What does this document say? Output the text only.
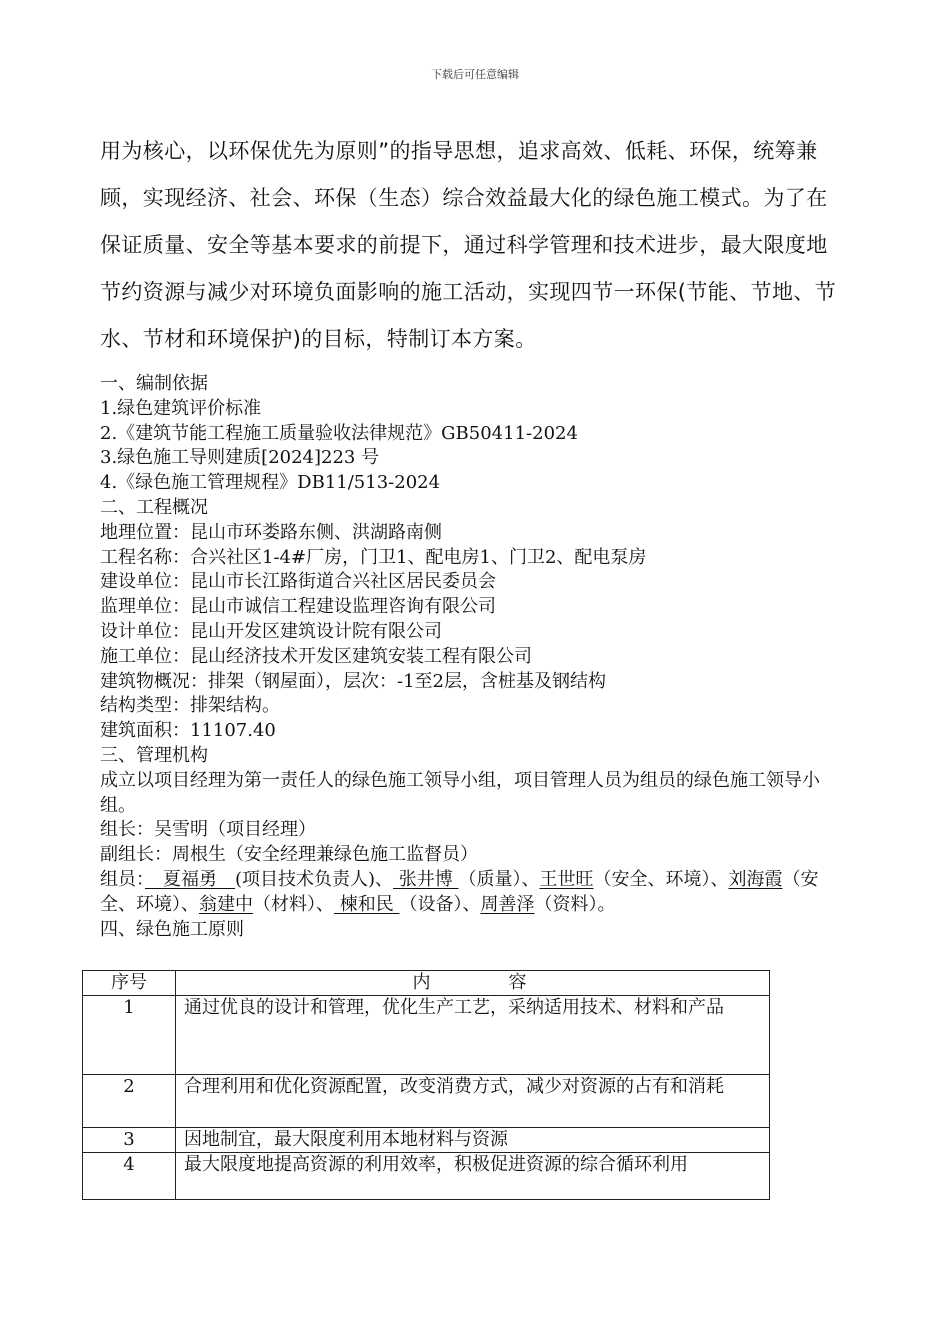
下载后可任意编辑

用为核心，以环保优先为原则”的指导思想，追求高效、低耗、环保，统筹兼顾，实现经济、社会、环保（生态）综合效益最大化的绿色施工模式。为了在保证质量、安全等基本要求的前提下，通过科学管理和技术进步，最大限度地节约资源与减少对环境负面影响的施工活动，实现四节一环保(节能、节地、节水、节材和环境保护)的目标，特制订本方案。

一、编制依据
1.绿色建筑评价标准
2.《建筑节能工程施工质量验收法律规范》GB50411-2024
3.绿色施工导则建质[2024]223 号
4.《绿色施工管理规程》DB11/513-2024
二、工程概况
地理位置：昆山市环娄路东侧、洪湖路南侧
工程名称：合兴社区1-4#厂房，门卫1、配电房1、门卫2、配电泵房
建设单位：昆山市长江路街道合兴社区居民委员会
监理单位：昆山市诚信工程建设监理咨询有限公司
设计单位：昆山开发区建筑设计院有限公司
施工单位：昆山经济技术开发区建筑安装工程有限公司
建筑物概况：排架（钢屋面），层次：-1至2层，含桩基及钢结构
结构类型：排架结构。
建筑面积：11107.40
三、管理机构
成立以项目经理为第一责任人的绿色施工领导小组，项目管理人员为组员的绿色施工领导小组。
组长：吴雪明（项目经理）
副组长：周根生（安全经理兼绿色施工监督员）
组员：　夏福勇　(项目技术负责人)、 张井博 （质量）、王世旺（安全、环境）、刘海霞（安全、环境）、翁建中（材料）、 楝和民 （设备）、周善泽（资料）。
四、绿色施工原则
序号	内　　　容
1	通过优良的设计和管理，优化生产工艺，采纳适用技术、材料和产品
2	合理利用和优化资源配置，改变消费方式，减少对资源的占有和消耗
3	因地制宜，最大限度利用本地材料与资源
4	最大限度地提高资源的利用效率，积极促进资源的综合循环利用
